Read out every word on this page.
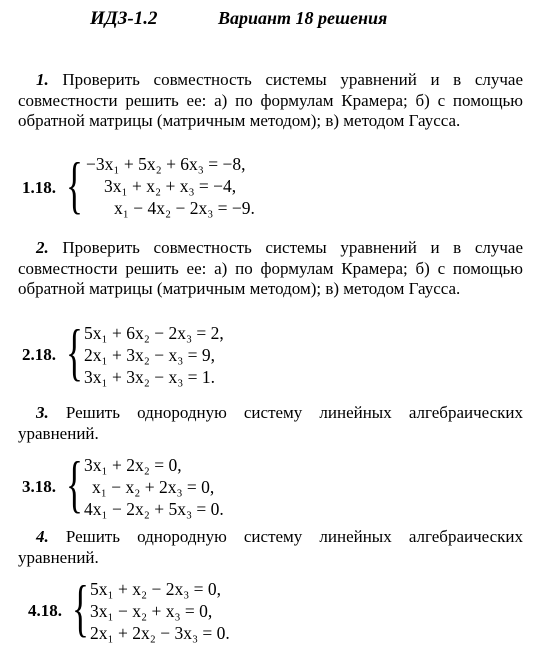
ИДЗ-1.2	Вариант 18 решения
1. Проверить совместность системы уравнений и в случае совместности решить ее: а) по формулам Крамера; б) с помощью обратной матрицы (матричным методом); в) методом Гаусса.
1.18. { −3x₁ + 5x₂ + 6x₃ = −8,
3x₁ + x₂ + x₃ = −4,
x₁ − 4x₂ − 2x₃ = −9.
2. Проверить совместность системы уравнений и в случае совместности решить ее: а) по формулам Крамера; б) с помощью обратной матрицы (матричным методом); в) методом Гаусса.
2.18. { 5x₁ + 6x₂ − 2x₃ = 2,
2x₁ + 3x₂ − x₃ = 9,
3x₁ + 3x₂ − x₃ = 1.
3. Решить однородную систему линейных алгебраических уравнений.
3.18. { 3x₁ + 2x₂ = 0,
x₁ − x₂ + 2x₃ = 0,
4x₁ − 2x₂ + 5x₃ = 0.
4. Решить однородную систему линейных алгебраических уравнений.
4.18. { 5x₁ + x₂ − 2x₃ = 0,
3x₁ − x₂ + x₃ = 0,
2x₁ + 2x₂ − 3x₃ = 0.
